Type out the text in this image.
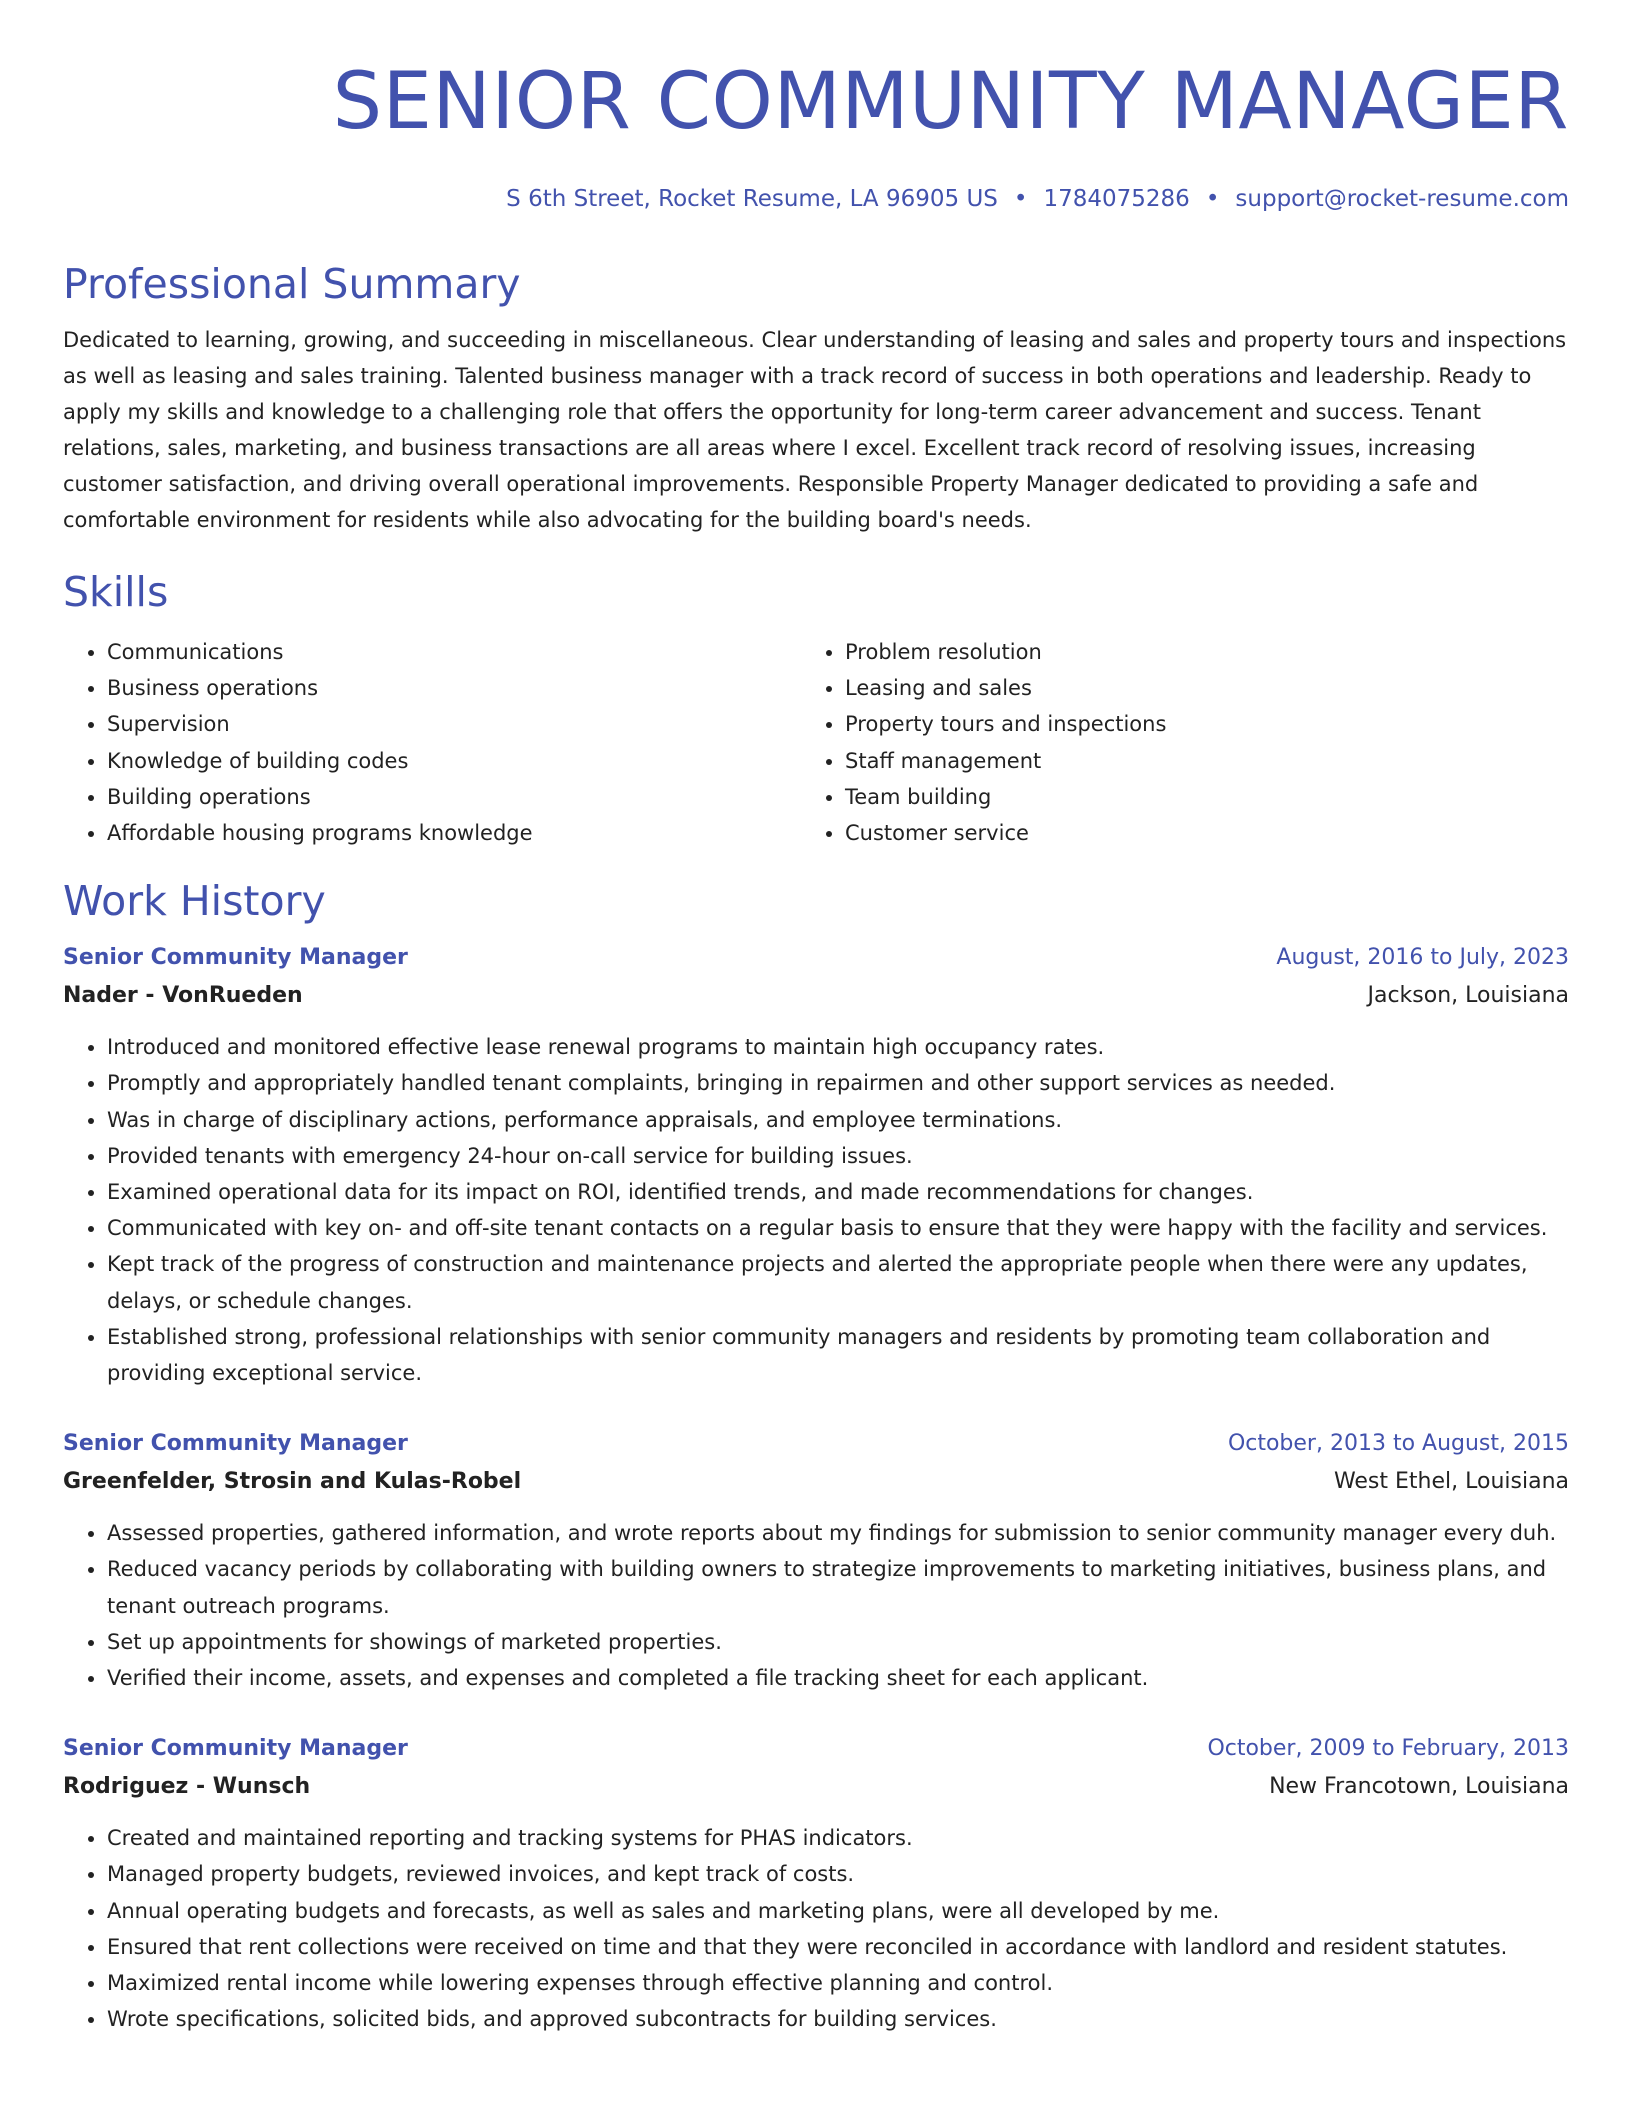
SENIOR COMMUNITY MANAGER
S 6th Street, Rocket Resume, LA 96905 US • 1784075286 • support@rocket-resume.com
Professional Summary
Dedicated to learning, growing, and succeeding in miscellaneous. Clear understanding of leasing and sales and property tours and inspections as well as leasing and sales training. Talented business manager with a track record of success in both operations and leadership. Ready to apply my skills and knowledge to a challenging role that offers the opportunity for long-term career advancement and success. Tenant relations, sales, marketing, and business transactions are all areas where I excel. Excellent track record of resolving issues, increasing customer satisfaction, and driving overall operational improvements. Responsible Property Manager dedicated to providing a safe and comfortable environment for residents while also advocating for the building board's needs.
Skills
• Communications
• Business operations
• Supervision
• Knowledge of building codes
• Building operations
• Affordable housing programs knowledge
• Problem resolution
• Leasing and sales
• Property tours and inspections
• Staff management
• Team building
• Customer service
Work History
Senior Community Manager	August, 2016 to July, 2023
Nader - VonRueden	Jackson, Louisiana
• Introduced and monitored effective lease renewal programs to maintain high occupancy rates.
• Promptly and appropriately handled tenant complaints, bringing in repairmen and other support services as needed.
• Was in charge of disciplinary actions, performance appraisals, and employee terminations.
• Provided tenants with emergency 24-hour on-call service for building issues.
• Examined operational data for its impact on ROI, identified trends, and made recommendations for changes.
• Communicated with key on- and off-site tenant contacts on a regular basis to ensure that they were happy with the facility and services.
• Kept track of the progress of construction and maintenance projects and alerted the appropriate people when there were any updates, delays, or schedule changes.
• Established strong, professional relationships with senior community managers and residents by promoting team collaboration and providing exceptional service.
Senior Community Manager	October, 2013 to August, 2015
Greenfelder, Strosin and Kulas-Robel	West Ethel, Louisiana
• Assessed properties, gathered information, and wrote reports about my findings for submission to senior community manager every duh.
• Reduced vacancy periods by collaborating with building owners to strategize improvements to marketing initiatives, business plans, and tenant outreach programs.
• Set up appointments for showings of marketed properties.
• Verified their income, assets, and expenses and completed a file tracking sheet for each applicant.
Senior Community Manager	October, 2009 to February, 2013
Rodriguez - Wunsch	New Francotown, Louisiana
• Created and maintained reporting and tracking systems for PHAS indicators.
• Managed property budgets, reviewed invoices, and kept track of costs.
• Annual operating budgets and forecasts, as well as sales and marketing plans, were all developed by me.
• Ensured that rent collections were received on time and that they were reconciled in accordance with landlord and resident statutes.
• Maximized rental income while lowering expenses through effective planning and control.
• Wrote specifications, solicited bids, and approved subcontracts for building services.
